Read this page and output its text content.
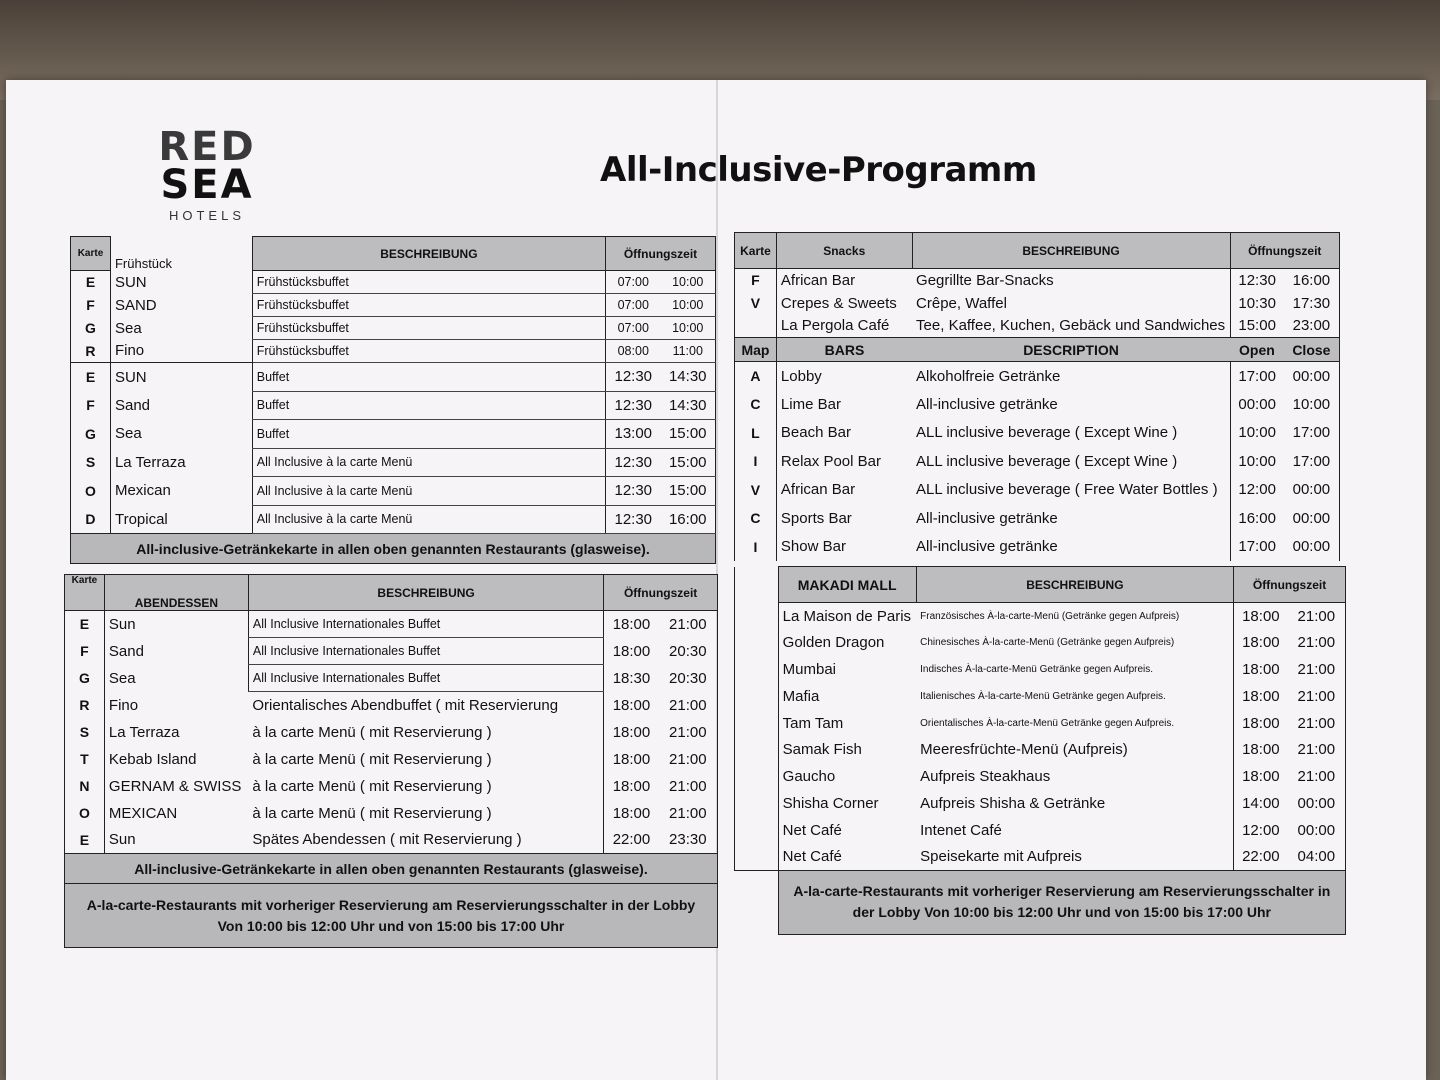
RED
SEA
HOTELS
All-Inclusive-Programm
Karte	Frühstück	BESCHREIBUNG	Öffnungszeit	
E	SUN	Frühstücksbuffet	07:00	10:00
F	SAND	Frühstücksbuffet	07:00	10:00
G	Sea	Frühstücksbuffet	07:00	10:00
R	Fino	Frühstücksbuffet	08:00	11:00
E	SUN	Buffet	12:30	14:30
F	Sand	Buffet	12:30	14:30
G	Sea	Buffet	13:00	15:00
S	La Terraza	All Inclusive à la carte Menü	12:30	15:00
O	Mexican	All Inclusive à la carte Menü	12:30	15:00
D	Tropical	All Inclusive à la carte Menü	12:30	16:00
All-inclusive-Getränkekarte in allen oben genannten Restaurants (glasweise).				
Karte	ABENDESSEN	BESCHREIBUNG	Öffnungszeit	
E	Sun	All Inclusive Internationales Buffet	18:00	21:00
F	Sand	All Inclusive Internationales Buffet	18:00	20:30
G	Sea	All Inclusive Internationales Buffet	18:30	20:30
R	Fino	Orientalisches Abendbuffet ( mit Reservierung	18:00	21:00
S	La Terraza	à la carte Menü ( mit Reservierung )	18:00	21:00
T	Kebab Island	à la carte Menü ( mit Reservierung )	18:00	21:00
N	GERNAM & SWISS	à la carte Menü ( mit Reservierung )	18:00	21:00
O	MEXICAN	à la carte Menü ( mit Reservierung )	18:00	21:00
E	Sun	Spätes Abendessen ( mit Reservierung )	22:00	23:30
All-inclusive-Getränkekarte in allen oben genannten Restaurants (glasweise).				
A-la-carte-Restaurants mit vorheriger Reservierung am Reservierungsschalter in der Lobby Von 10:00 bis 12:00 Uhr und von 15:00 bis 17:00 Uhr				
Karte	Snacks	BESCHREIBUNG	Öffnungszeit	
F	African Bar	Gegrillte Bar-Snacks	12:30	16:00
V	Crepes & Sweets	Crêpe, Waffel	10:30	17:30
	La Pergola Café	Tee, Kaffee, Kuchen, Gebäck und Sandwiches	15:00	23:00
Map	BARS	DESCRIPTION	Open	Close
A	Lobby	Alkoholfreie Getränke	17:00	00:00
C	Lime Bar	All-inclusive getränke	00:00	10:00
L	Beach Bar	ALL inclusive beverage ( Except Wine )	10:00	17:00
I	Relax Pool Bar	ALL inclusive beverage ( Except Wine )	10:00	17:00
V	African Bar	ALL inclusive beverage ( Free Water Bottles )	12:00	00:00
C	Sports Bar	All-inclusive getränke	16:00	00:00
I	Show Bar	All-inclusive getränke	17:00	00:00
	MAKADI MALL	BESCHREIBUNG	Öffnungszeit	
	La Maison de Paris	Französisches À-la-carte-Menü (Getränke gegen Aufpreis)	18:00	21:00
	Golden Dragon	Chinesisches À-la-carte-Menü (Getränke gegen Aufpreis)	18:00	21:00
	Mumbai	Indisches À-la-carte-Menü Getränke gegen Aufpreis.	18:00	21:00
	Mafia	Italienisches À-la-carte-Menü Getränke gegen Aufpreis.	18:00	21:00
	Tam Tam	Orientalisches À-la-carte-Menü Getränke gegen Aufpreis.	18:00	21:00
	Samak Fish	Meeresfrüchte-Menü (Aufpreis)	18:00	21:00
	Gaucho	Aufpreis Steakhaus	18:00	21:00
	Shisha Corner	Aufpreis Shisha & Getränke	14:00	00:00
	Net Café	Intenet Café	12:00	00:00
	Net Café	Speisekarte mit Aufpreis	22:00	04:00
	A-la-carte-Restaurants mit vorheriger Reservierung am Reservierungsschalter in der Lobby Von 10:00 bis 12:00 Uhr und von 15:00 bis 17:00 Uhr			
